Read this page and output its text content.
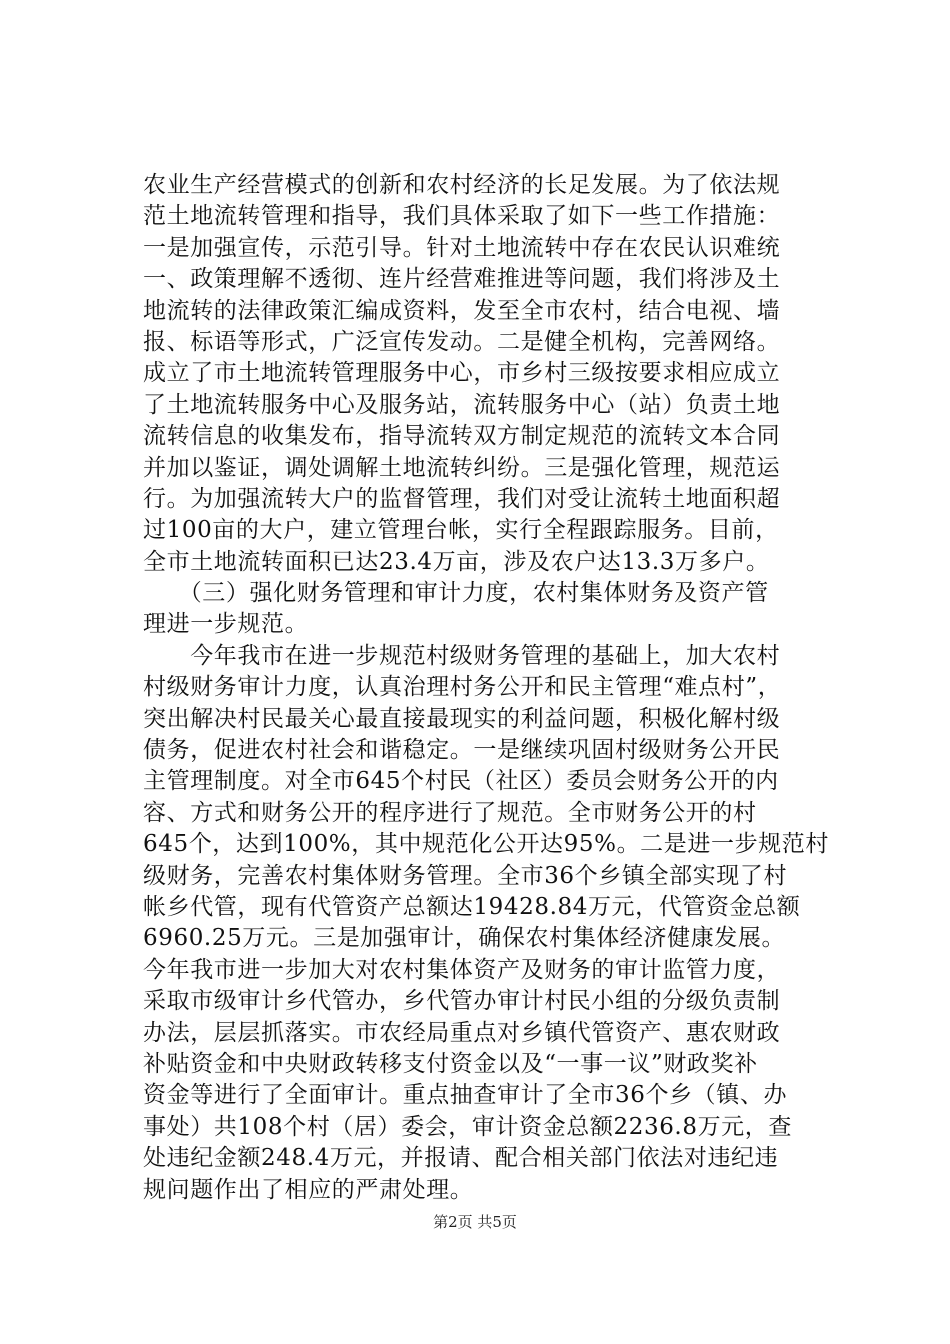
农业生产经营模式的创新和农村经济的长足发展。为了依法规
范土地流转管理和指导，我们具体采取了如下一些工作措施：
一是加强宣传，示范引导。针对土地流转中存在农民认识难统
一、政策理解不透彻、连片经营难推进等问题，我们将涉及土
地流转的法律政策汇编成资料，发至全市农村，结合电视、墙
报、标语等形式，广泛宣传发动。二是健全机构，完善网络。
成立了市土地流转管理服务中心，市乡村三级按要求相应成立
了土地流转服务中心及服务站，流转服务中心（站）负责土地
流转信息的收集发布，指导流转双方制定规范的流转文本合同
并加以鉴证，调处调解土地流转纠纷。三是强化管理，规范运
行。为加强流转大户的监督管理，我们对受让流转土地面积超
过100亩的大户，建立管理台帐，实行全程跟踪服务。目前，
全市土地流转面积已达23.4万亩，涉及农户达13.3万多户。
　　（三）强化财务管理和审计力度，农村集体财务及资产管
理进一步规范。
　　今年我市在进一步规范村级财务管理的基础上，加大农村
村级财务审计力度，认真治理村务公开和民主管理“难点村”，
突出解决村民最关心最直接最现实的利益问题，积极化解村级
债务，促进农村社会和谐稳定。一是继续巩固村级财务公开民
主管理制度。对全市645个村民（社区）委员会财务公开的内
容、方式和财务公开的程序进行了规范。全市财务公开的村
645个，达到100%，其中规范化公开达95%。二是进一步规范村
级财务，完善农村集体财务管理。全市36个乡镇全部实现了村
帐乡代管，现有代管资产总额达19428.84万元，代管资金总额
6960.25万元。三是加强审计，确保农村集体经济健康发展。
今年我市进一步加大对农村集体资产及财务的审计监管力度，
采取市级审计乡代管办，乡代管办审计村民小组的分级负责制
办法，层层抓落实。市农经局重点对乡镇代管资产、惠农财政
补贴资金和中央财政转移支付资金以及“一事一议”财政奖补
资金等进行了全面审计。重点抽查审计了全市36个乡（镇、办
事处）共108个村（居）委会，审计资金总额2236.8万元，查
处违纪金额248.4万元，并报请、配合相关部门依法对违纪违
规问题作出了相应的严肃处理。
第2页 共5页
